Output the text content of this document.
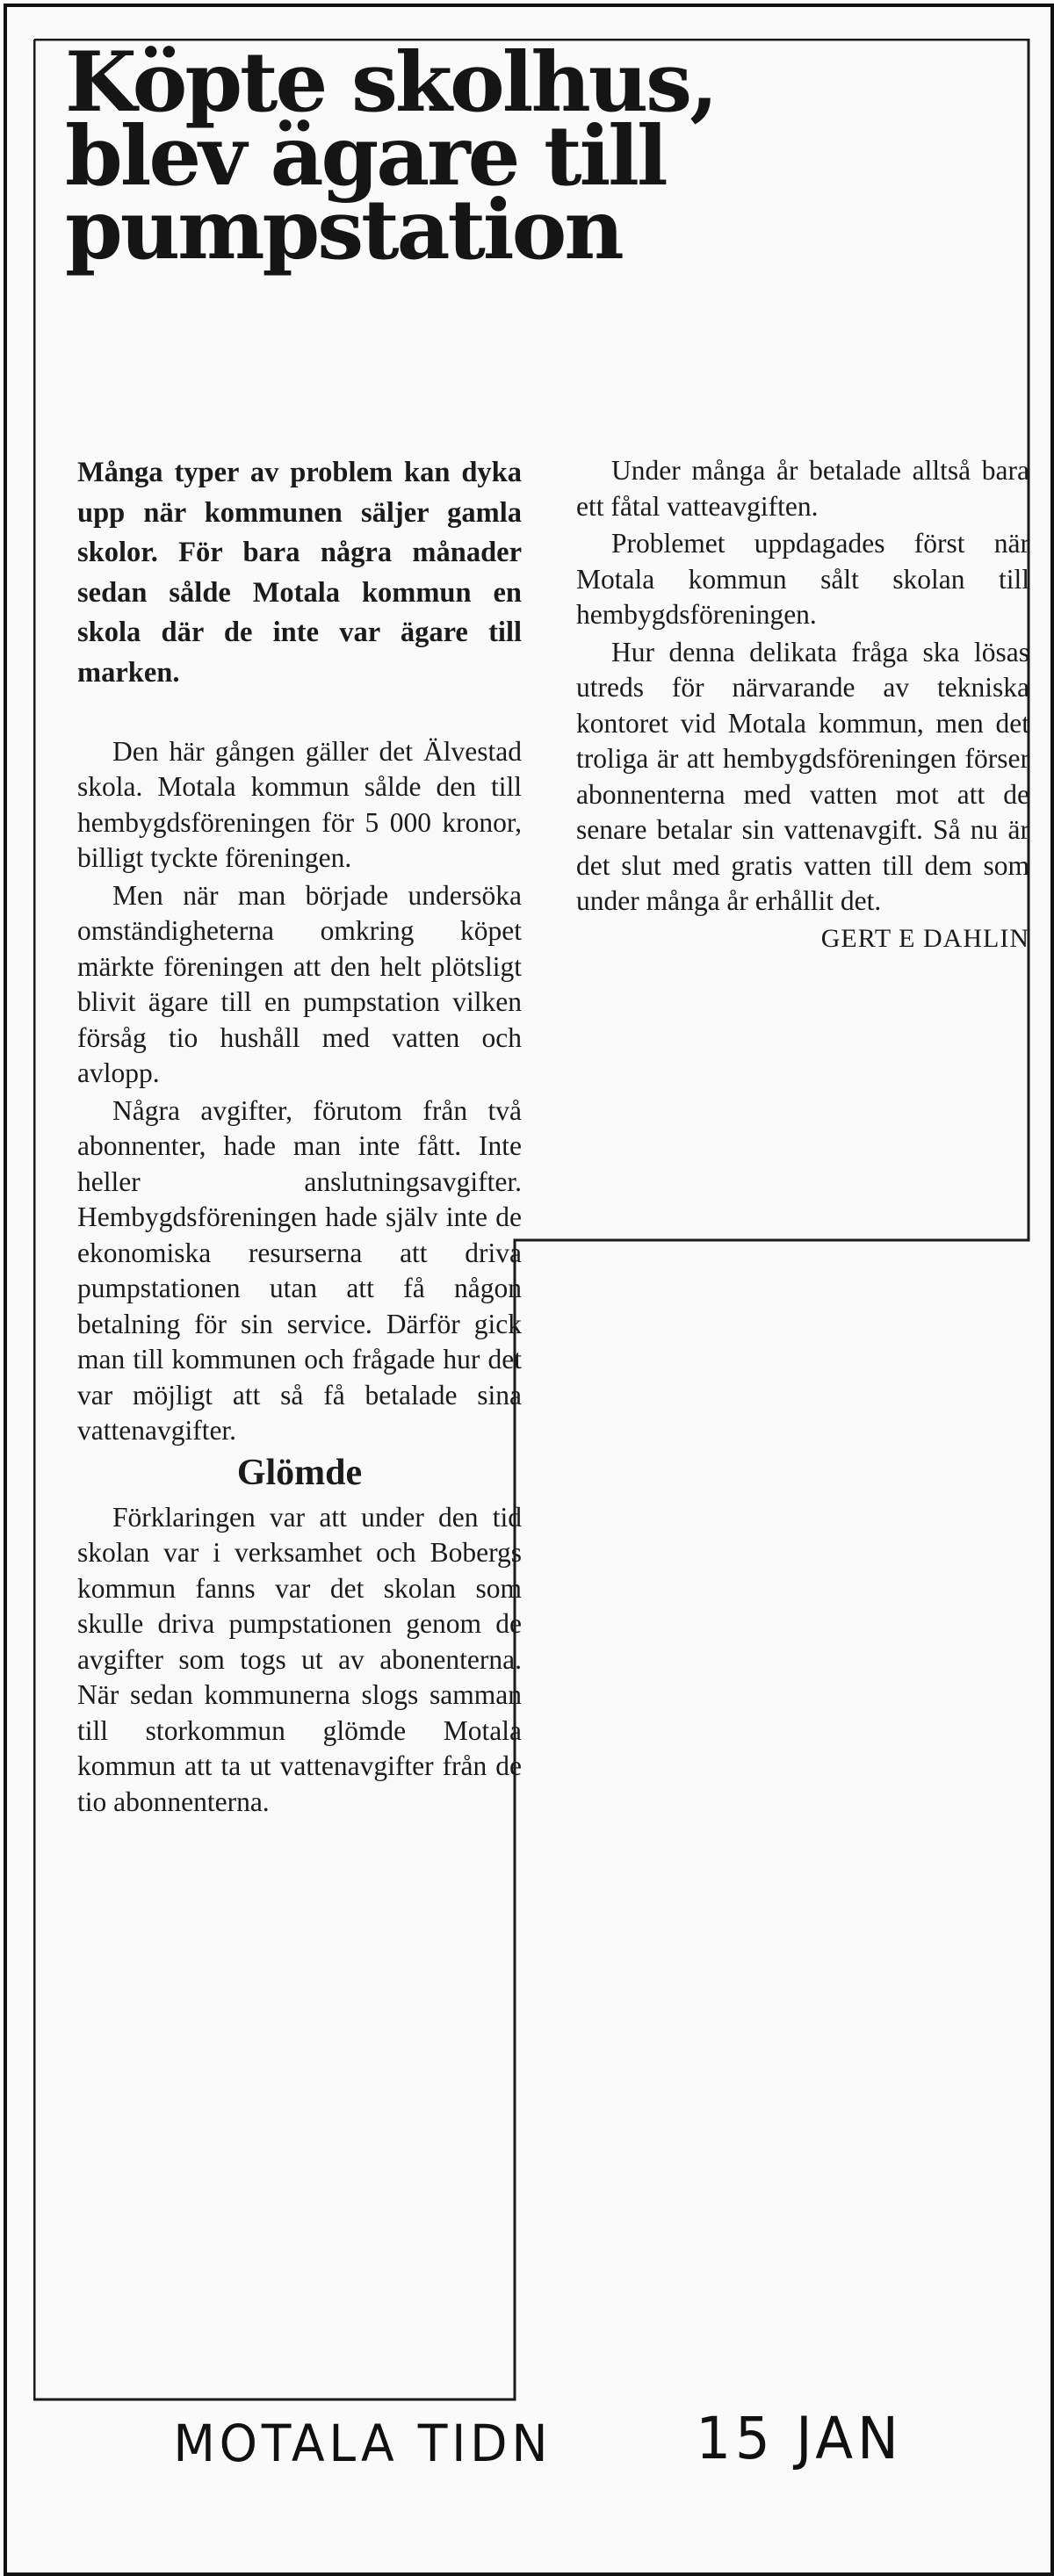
Köpte skolhus,
blev ägare till
pumpstation

Många typer av problem kan dyka upp när kommunen säljer gamla skolor. För bara några månader sedan sålde Motala kommun en skola där de inte var ägare till marken.

Den här gången gäller det Älvestad skola. Motala kommun sålde den till hembygdsföreningen för 5 000 kronor, billigt tyckte föreningen.

Men när man började undersöka omständigheterna omkring köpet märkte föreningen att den helt plötsligt blivit ägare till en pumpstation vilken försåg tio hushåll med vatten och avlopp.

Några avgifter, förutom från två abonnenter, hade man inte fått. Inte heller anslutningsavgifter. Hembygdsföreningen hade själv inte de ekonomiska resurserna att driva pumpstationen utan att få någon betalning för sin service. Därför gick man till kommunen och frågade hur det var möjligt att så få betalade sina vattenavgifter.

Glömde

Förklaringen var att under den tid skolan var i verksamhet och Bobergs kommun fanns var det skolan som skulle driva pumpstationen genom de avgifter som togs ut av abonenterna. När sedan kommunerna slogs samman till storkommun glömde Motala kommun att ta ut vattenavgifter från de tio abonnenterna.

Under många år betalade alltså bara ett fåtal vatteavgiften.

Problemet uppdagades först när Motala kommun sålt skolan till hembygdsföreningen.

Hur denna delikata fråga ska lösas utreds för närvarande av tekniska kontoret vid Motala kommun, men det troliga är att hembygdsföreningen förser abonnenterna med vatten mot att de senare betalar sin vattenavgift. Så nu är det slut med gratis vatten till dem som under många år erhållit det.

GERT E DAHLIN
MOTALA TIDN 15 JAN
